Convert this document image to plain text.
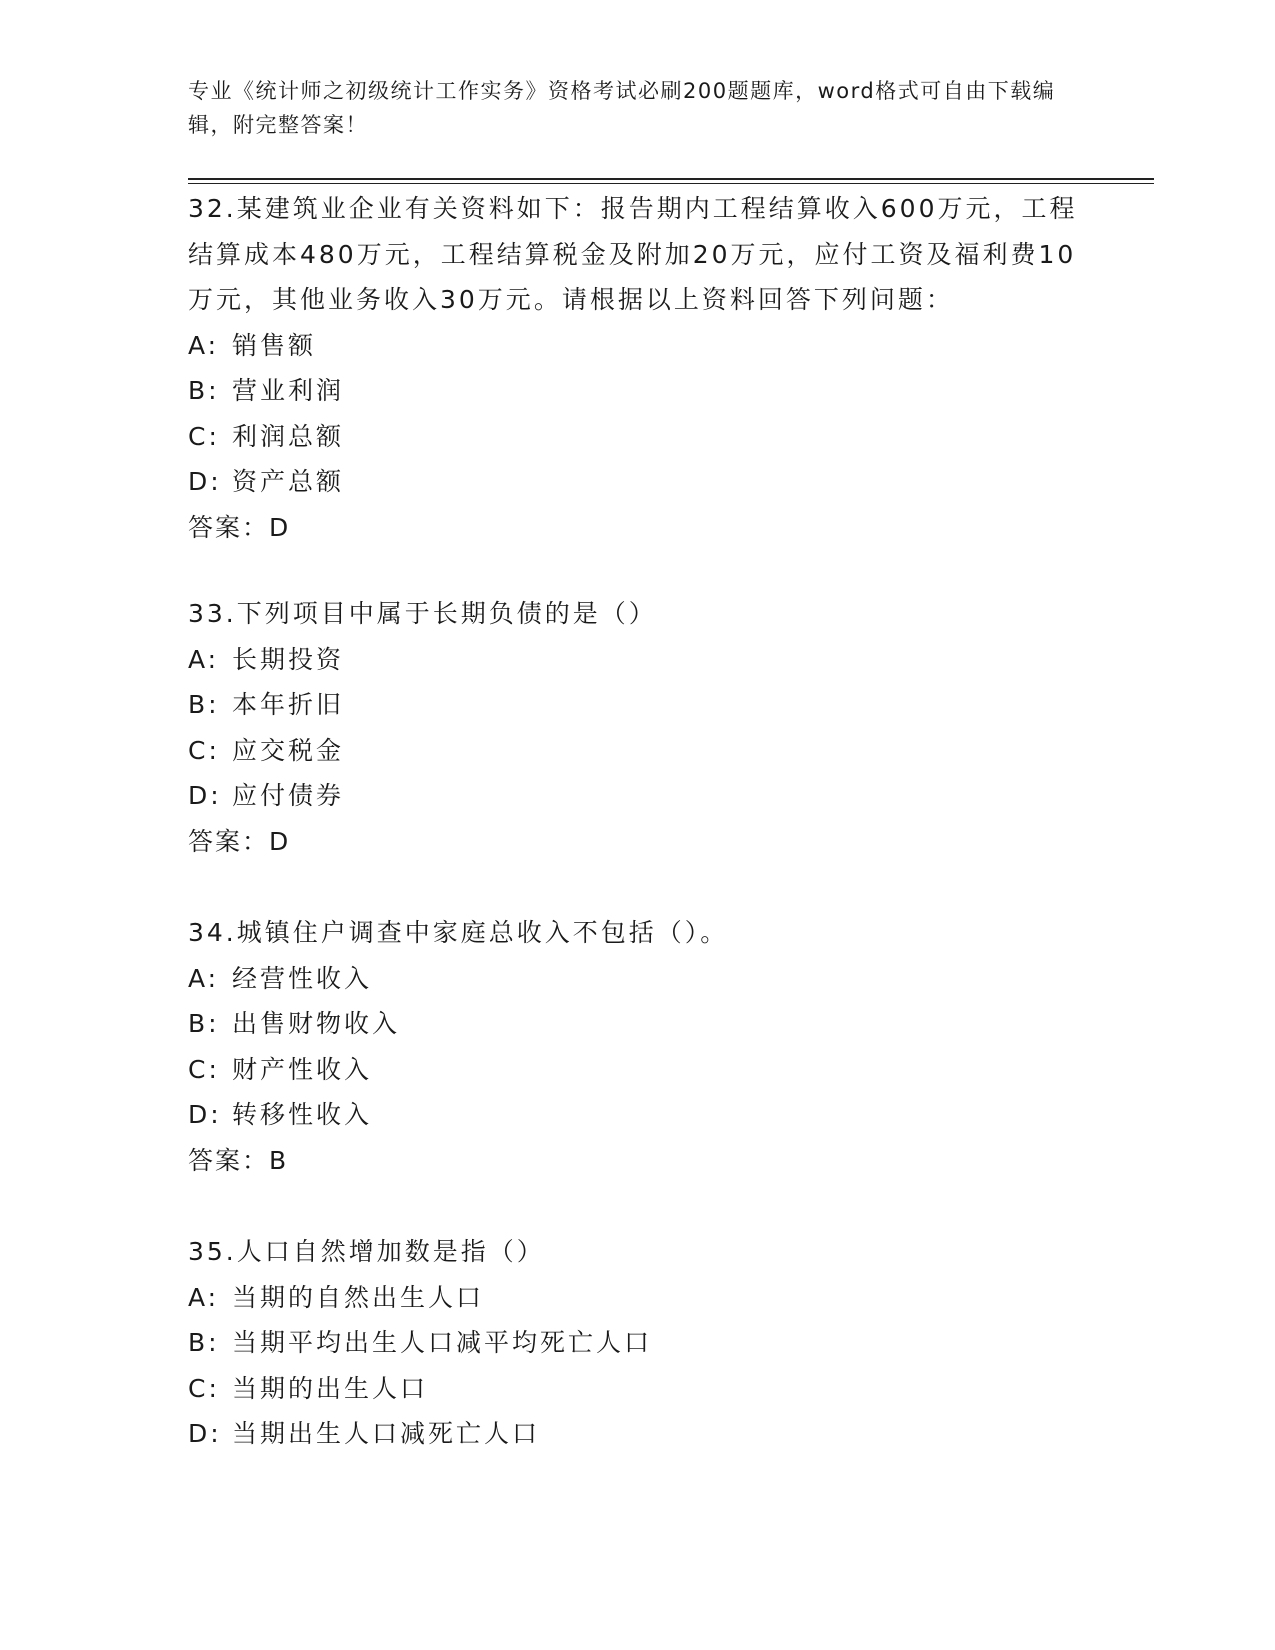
专业《统计师之初级统计工作实务》资格考试必刷200题题库，word格式可自由下载编辑，附完整答案！
32.某建筑业企业有关资料如下：报告期内工程结算收入600万元，工程结算成本480万元，工程结算税金及附加20万元，应付工资及福利费10万元，其他业务收入30万元。请根据以上资料回答下列问题：
A: 销售额
B: 营业利润
C: 利润总额
D: 资产总额
答案：D
33.下列项目中属于长期负债的是（）
A: 长期投资
B: 本年折旧
C: 应交税金
D: 应付债券
答案：D
34.城镇住户调查中家庭总收入不包括（）。
A: 经营性收入
B: 出售财物收入
C: 财产性收入
D: 转移性收入
答案：B
35.人口自然增加数是指（）
A: 当期的自然出生人口
B: 当期平均出生人口减平均死亡人口
C: 当期的出生人口
D: 当期出生人口减死亡人口
